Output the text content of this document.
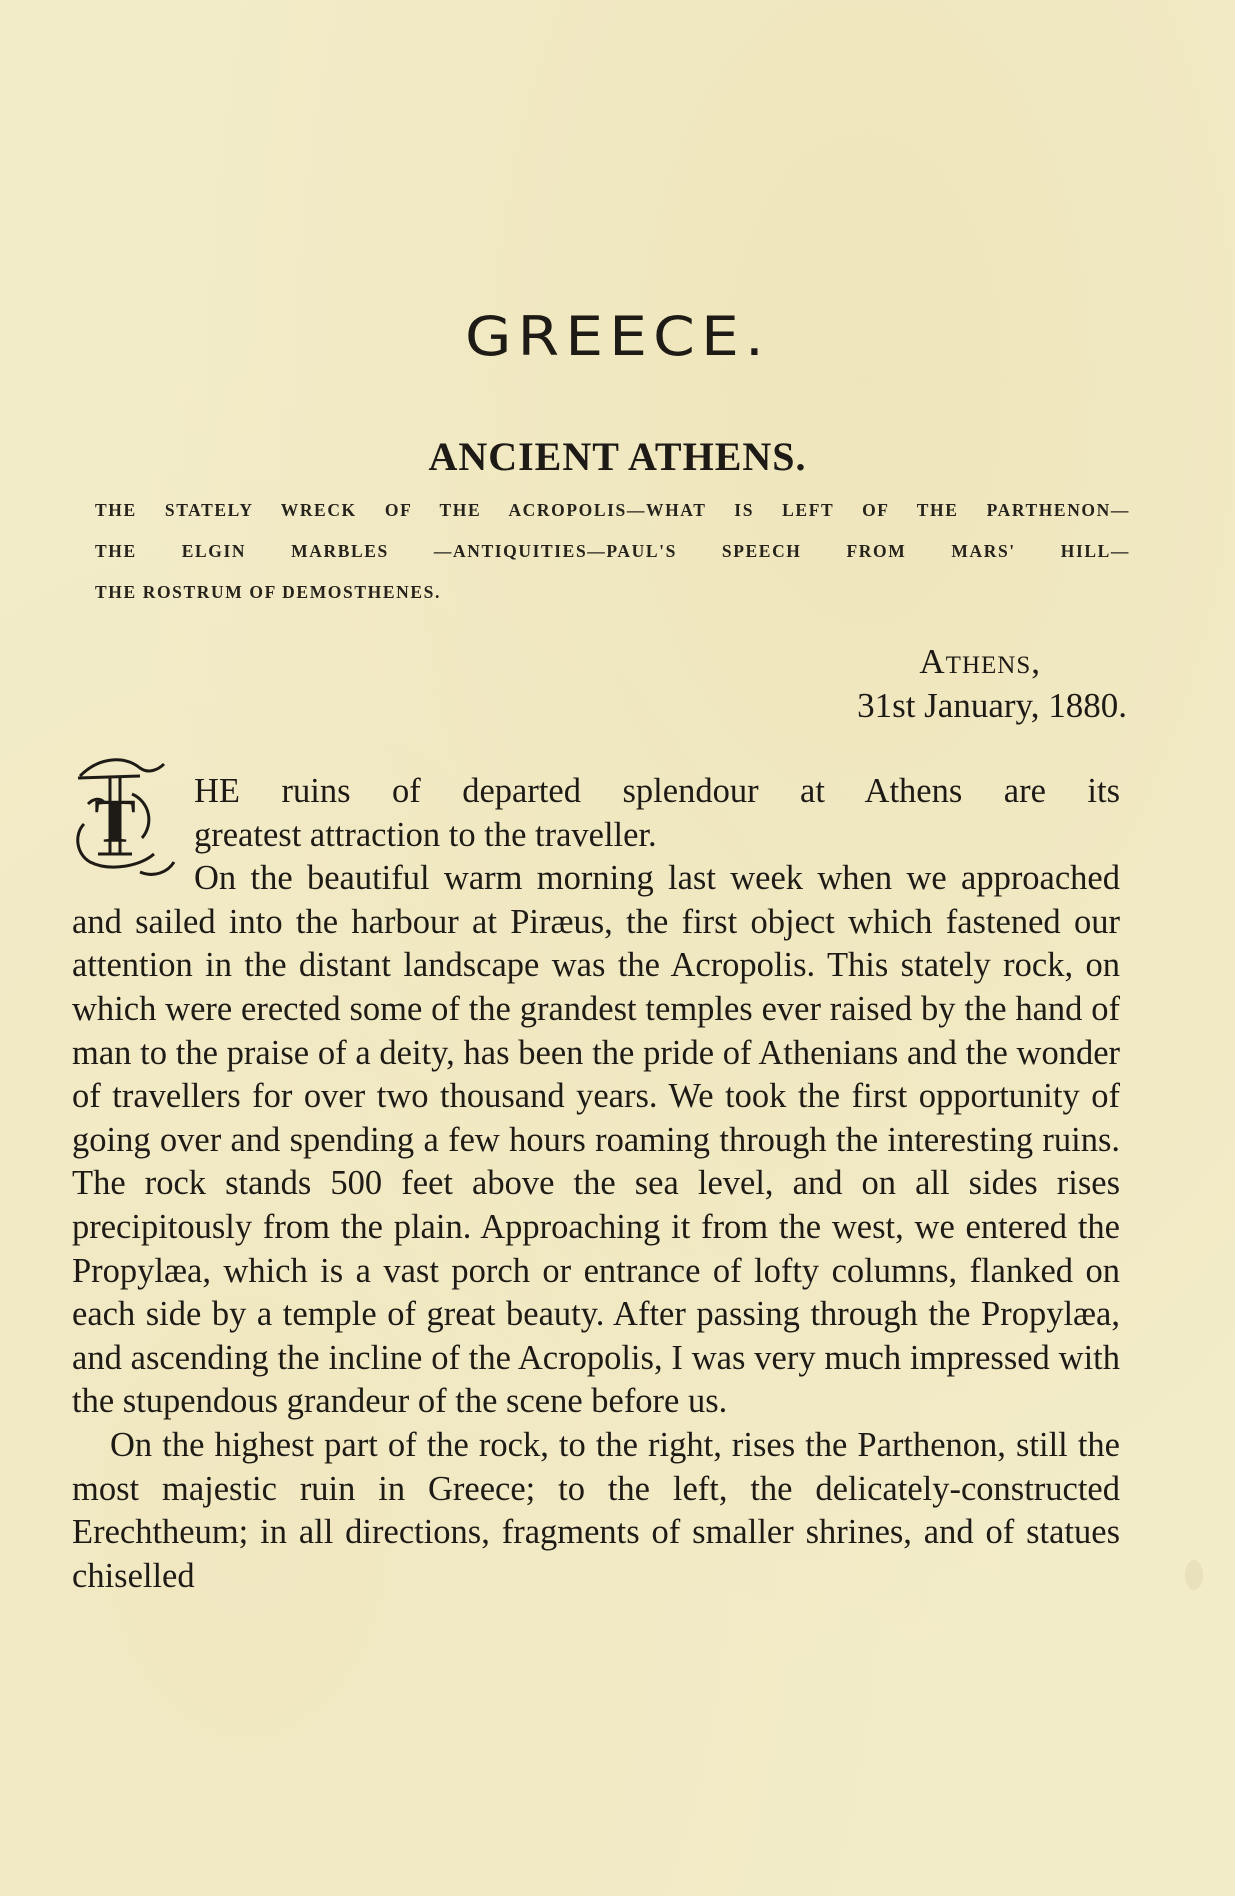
GREECE.
ANCIENT ATHENS.
THE STATELY WRECK OF THE ACROPOLIS—WHAT IS LEFT OF THE PARTHENON—
THE ELGIN MARBLES —ANTIQUITIES—PAUL'S SPEECH FROM MARS' HILL—
THE ROSTRUM OF DEMOSTHENES.
Athens,
31st January, 1880.
T HE ruins of departed splendour at Athens are its
greatest attraction to the traveller.

On the beautiful warm morning last week when we approached and sailed into the harbour at Piræus, the first object which fastened our attention in the distant landscape was the Acropolis. This stately rock, on which were erected some of the grandest temples ever raised by the hand of man to the praise of a deity, has been the pride of Athenians and the wonder of travellers for over two thousand years. We took the first opportunity of going over and spending a few hours roaming through the interesting ruins. The rock stands 500 feet above the sea level, and on all sides rises precipitously from the plain. Approaching it from the west, we entered the Propylæa, which is a vast porch or entrance of lofty columns, flanked on each side by a temple of great beauty. After passing through the Propylæa, and ascending the incline of the Acropolis, I was very much impressed with the stupendous grandeur of the scene before us.

On the highest part of the rock, to the right, rises the Parthenon, still the most majestic ruin in Greece; to the left, the delicately-constructed Erechtheum; in all directions, fragments of smaller shrines, and of statues chiselled
